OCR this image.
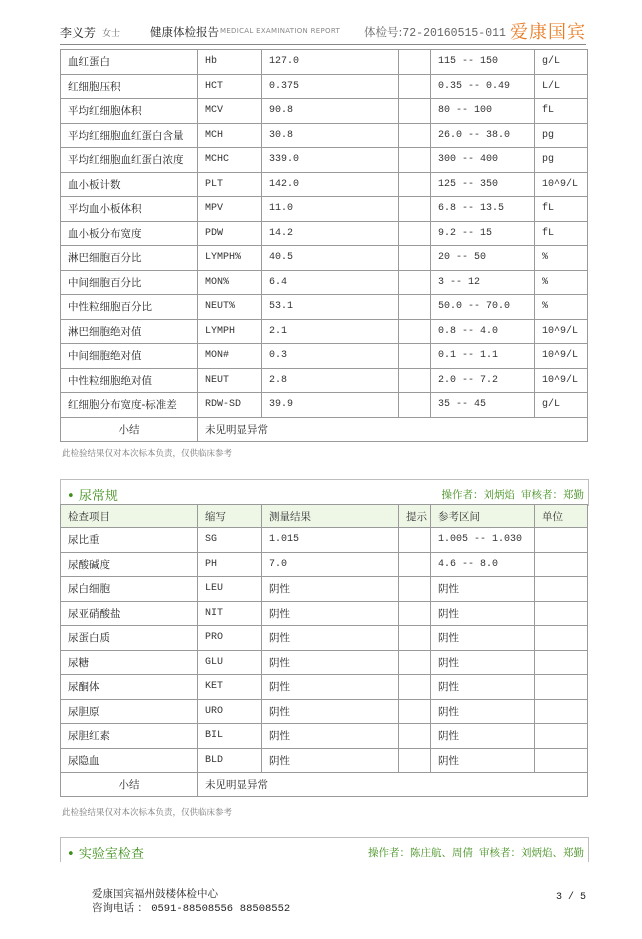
李义芳 女士	健康体检报告 MEDICAL EXAMINATION REPORT 体检号:72-20160515-011 爱康国宾
血红蛋白	Hb	127.0		115 -- 150	g/L
红细胞压积	HCT	0.375		0.35 -- 0.49	L/L
平均红细胞体积	MCV	90.8		80 -- 100	fL
平均红细胞血红蛋白含量	MCH	30.8		26.0 -- 38.0	pg
平均红细胞血红蛋白浓度	MCHC	339.0		300 -- 400	pg
血小板计数	PLT	142.0		125 -- 350	10^9/L
平均血小板体积	MPV	11.0		6.8 -- 13.5	fL
血小板分布宽度	PDW	14.2		9.2 -- 15	fL
淋巴细胞百分比	LYMPH%	40.5		20 -- 50	%
中间细胞百分比	MON%	6.4		3 -- 12	%
中性粒细胞百分比	NEUT%	53.1		50.0 -- 70.0	%
淋巴细胞绝对值	LYMPH	2.1		0.8 -- 4.0	10^9/L
中间细胞绝对值	MON#	0.3		0.1 -- 1.1	10^9/L
中性粒细胞绝对值	NEUT	2.8		2.0 -- 7.2	10^9/L
红细胞分布宽度-标准差	RDW-SD	39.9		35 -- 45	g/L
小结	未见明显异常				
此检验结果仅对本次标本负责，仅供临床参考
• 尿常规	操作者：刘炳焰 审核者：郑勤
检查项目	缩写	测量结果	提示	参考区间	单位
尿比重	SG	1.015		1.005 -- 1.030	
尿酸碱度	PH	7.0		4.6 -- 8.0	
尿白细胞	LEU	阴性		阴性	
尿亚硝酸盐	NIT	阴性		阴性	
尿蛋白质	PRO	阴性		阴性	
尿糖	GLU	阴性		阴性	
尿酮体	KET	阴性		阴性	
尿胆原	URO	阴性		阴性	
尿胆红素	BIL	阴性		阴性	
尿隐血	BLD	阴性		阴性	
小结	未见明显异常				
此检验结果仅对本次标本负责，仅供临床参考
• 实验室检查	操作者：陈庄航、周倩 审核者：刘炳焰、郑勤
爱康国宾福州鼓楼体检中心
咨询电话 ： 0591-88508556 88508552
3 / 5
